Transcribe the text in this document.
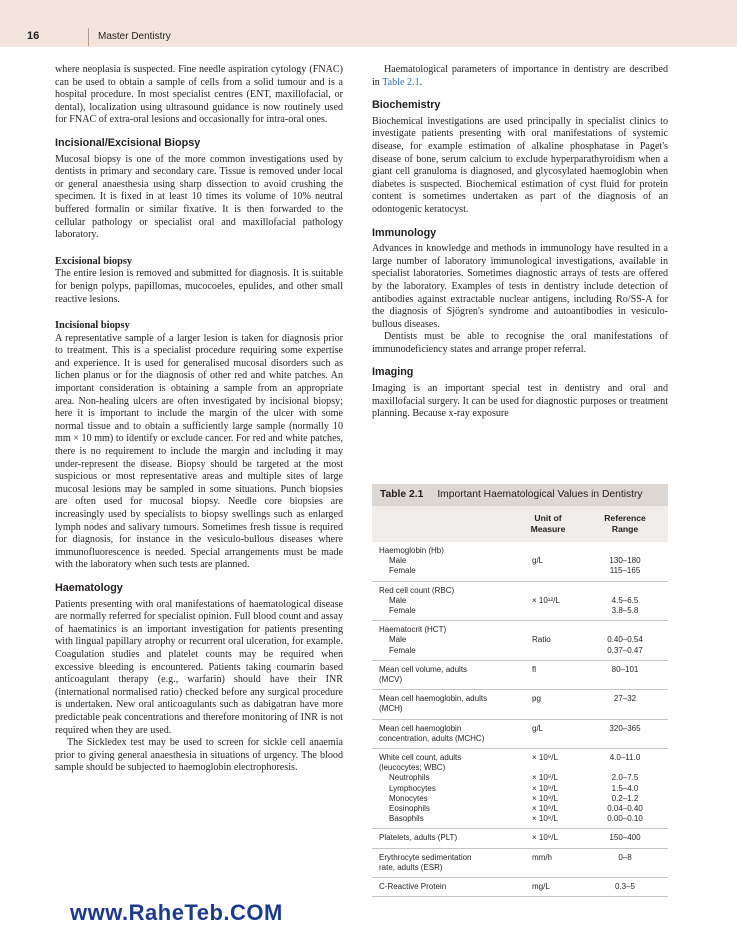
16	Master Dentistry

where neoplasia is suspected. Fine needle aspiration cytology (FNAC) can be used to obtain a sample of cells from a solid tumour and is a hospital procedure. In most specialist centres (ENT, maxillofacial, or dental), localization using ultrasound guidance is now routinely used for FNAC of extra-oral lesions and occasionally for intra-oral ones.

Incisional/Excisional Biopsy

Mucosal biopsy is one of the more common investigations used by dentists in primary and secondary care. Tissue is removed under local or general anaesthesia using sharp dissection to avoid crushing the specimen. It is fixed in at least 10 times its volume of 10% neutral buffered formalin or similar fixative. It is then forwarded to the cellular pathology or specialist oral and maxillofacial pathology laboratory.

Excisional biopsy

The entire lesion is removed and submitted for diagnosis. It is suitable for benign polyps, papillomas, mucocoeles, epulides, and other small reactive lesions.

Incisional biopsy

A representative sample of a larger lesion is taken for diagnosis prior to treatment. This is a specialist procedure requiring some expertise and experience. It is used for generalised mucosal disorders such as lichen planus or for the diagnosis of other red and white patches. An important consideration is obtaining a sample from an appropriate area. Non-healing ulcers are often investigated by incisional biopsy; here it is important to include the margin of the ulcer with some normal tissue and to obtain a sufficiently large sample (normally 10 mm × 10 mm) to identify or exclude cancer. For red and white patches, there is no requirement to include the margin and including it may under-represent the disease. Biopsy should be targeted at the most suspicious or most representative areas and multiple sites of large mucosal lesions may be sampled in some situations. Punch biopsies are often used for mucosal biopsy. Needle core biopsies are increasingly used by specialists to biopsy swellings such as enlarged lymph nodes and salivary tumours. Sometimes fresh tissue is required for diagnosis, for instance in the vesiculo-bullous diseases where immunofluorescence is needed. Special arrangements must be made with the laboratory when such tests are planned.

Haematology

Patients presenting with oral manifestations of haematological disease are normally referred for specialist opinion. Full blood count and assay of haematinics is an important investigation for patients presenting with lingual papillary atrophy or recurrent oral ulceration, for example. Coagulation studies and platelet counts may be required when excessive bleeding is encountered. Patients taking coumarin based anticoagulant therapy (e.g., warfarin) should have their INR (international normalised ratio) checked before any surgical procedure is undertaken. New oral anticoagulants such as dabigatran have more predictable peak concentrations and therefore monitoring of INR is not required when they are used.

The Sickledex test may be used to screen for sickle cell anaemia prior to giving general anaesthesia in situations of urgency. The blood sample should be subjected to haemoglobin electrophoresis.

Haematological parameters of importance in dentistry are described in Table 2.1.

Biochemistry

Biochemical investigations are used principally in specialist clinics to investigate patients presenting with oral manifestations of systemic disease, for example estimation of alkaline phosphatase in Paget's disease of bone, serum calcium to exclude hyperparathyroidism when a giant cell granuloma is diagnosed, and glycosylated haemoglobin when diabetes is suspected. Biochemical estimation of cyst fluid for protein content is sometimes undertaken as part of the diagnosis of an odontogenic keratocyst.

Immunology

Advances in knowledge and methods in immunology have resulted in a large number of laboratory immunological investigations, available in specialist laboratories. Sometimes diagnostic arrays of tests are offered by the laboratory. Examples of tests in dentistry include detection of antibodies against extractable nuclear antigens, including Ro/SS-A for the diagnosis of Sjögren's syndrome and autoantibodies in vesiculo-bullous diseases.

Dentists must be able to recognise the oral manifestations of immunodeficiency states and arrange proper referral.

Imaging

Imaging is an important special test in dentistry and oral and maxillofacial surgery. It can be used for diagnostic purposes or treatment planning. Because x-ray exposure

Table 2.1 Important Haematological Values in Dentistry
Unit of
Measure
Reference
Range
Haemoglobin (Hb)
Male	g/L	130–180
Female	115–165
Red cell count (RBC)
Male	× 10¹²/L	4.5–6.5
Female	3.8–5.8
Haematocrit (HCT)
Male	Ratio	0.40–0.54
Female	0.37–0.47
Mean cell volume, adults	fl	80–101
(MCV)
Mean cell haemoglobin, adults	pg	27–32
(MCH)
Mean cell haemoglobin	g/L	320–365
concentration, adults (MCHC)
White cell count, adults	× 10⁹/L	4.0–11.0
(leucocytes; WBC)
Neutrophils	× 10⁹/L	2.0–7.5
Lymphocytes	× 10⁹/L	1.5–4.0
Monocytes	× 10⁹/L	0.2–1.2
Eosinophils	× 10⁹/L	0.04–0.40
Basophils	× 10⁹/L	0.00–0.10
Platelets, adults (PLT)	× 10⁹/L	150–400
Erythrocyte sedimentation	mm/h	0–8
rate, adults (ESR)
C-Reactive Protein	mg/L	0.3–5
www.RaheTeb.COM
